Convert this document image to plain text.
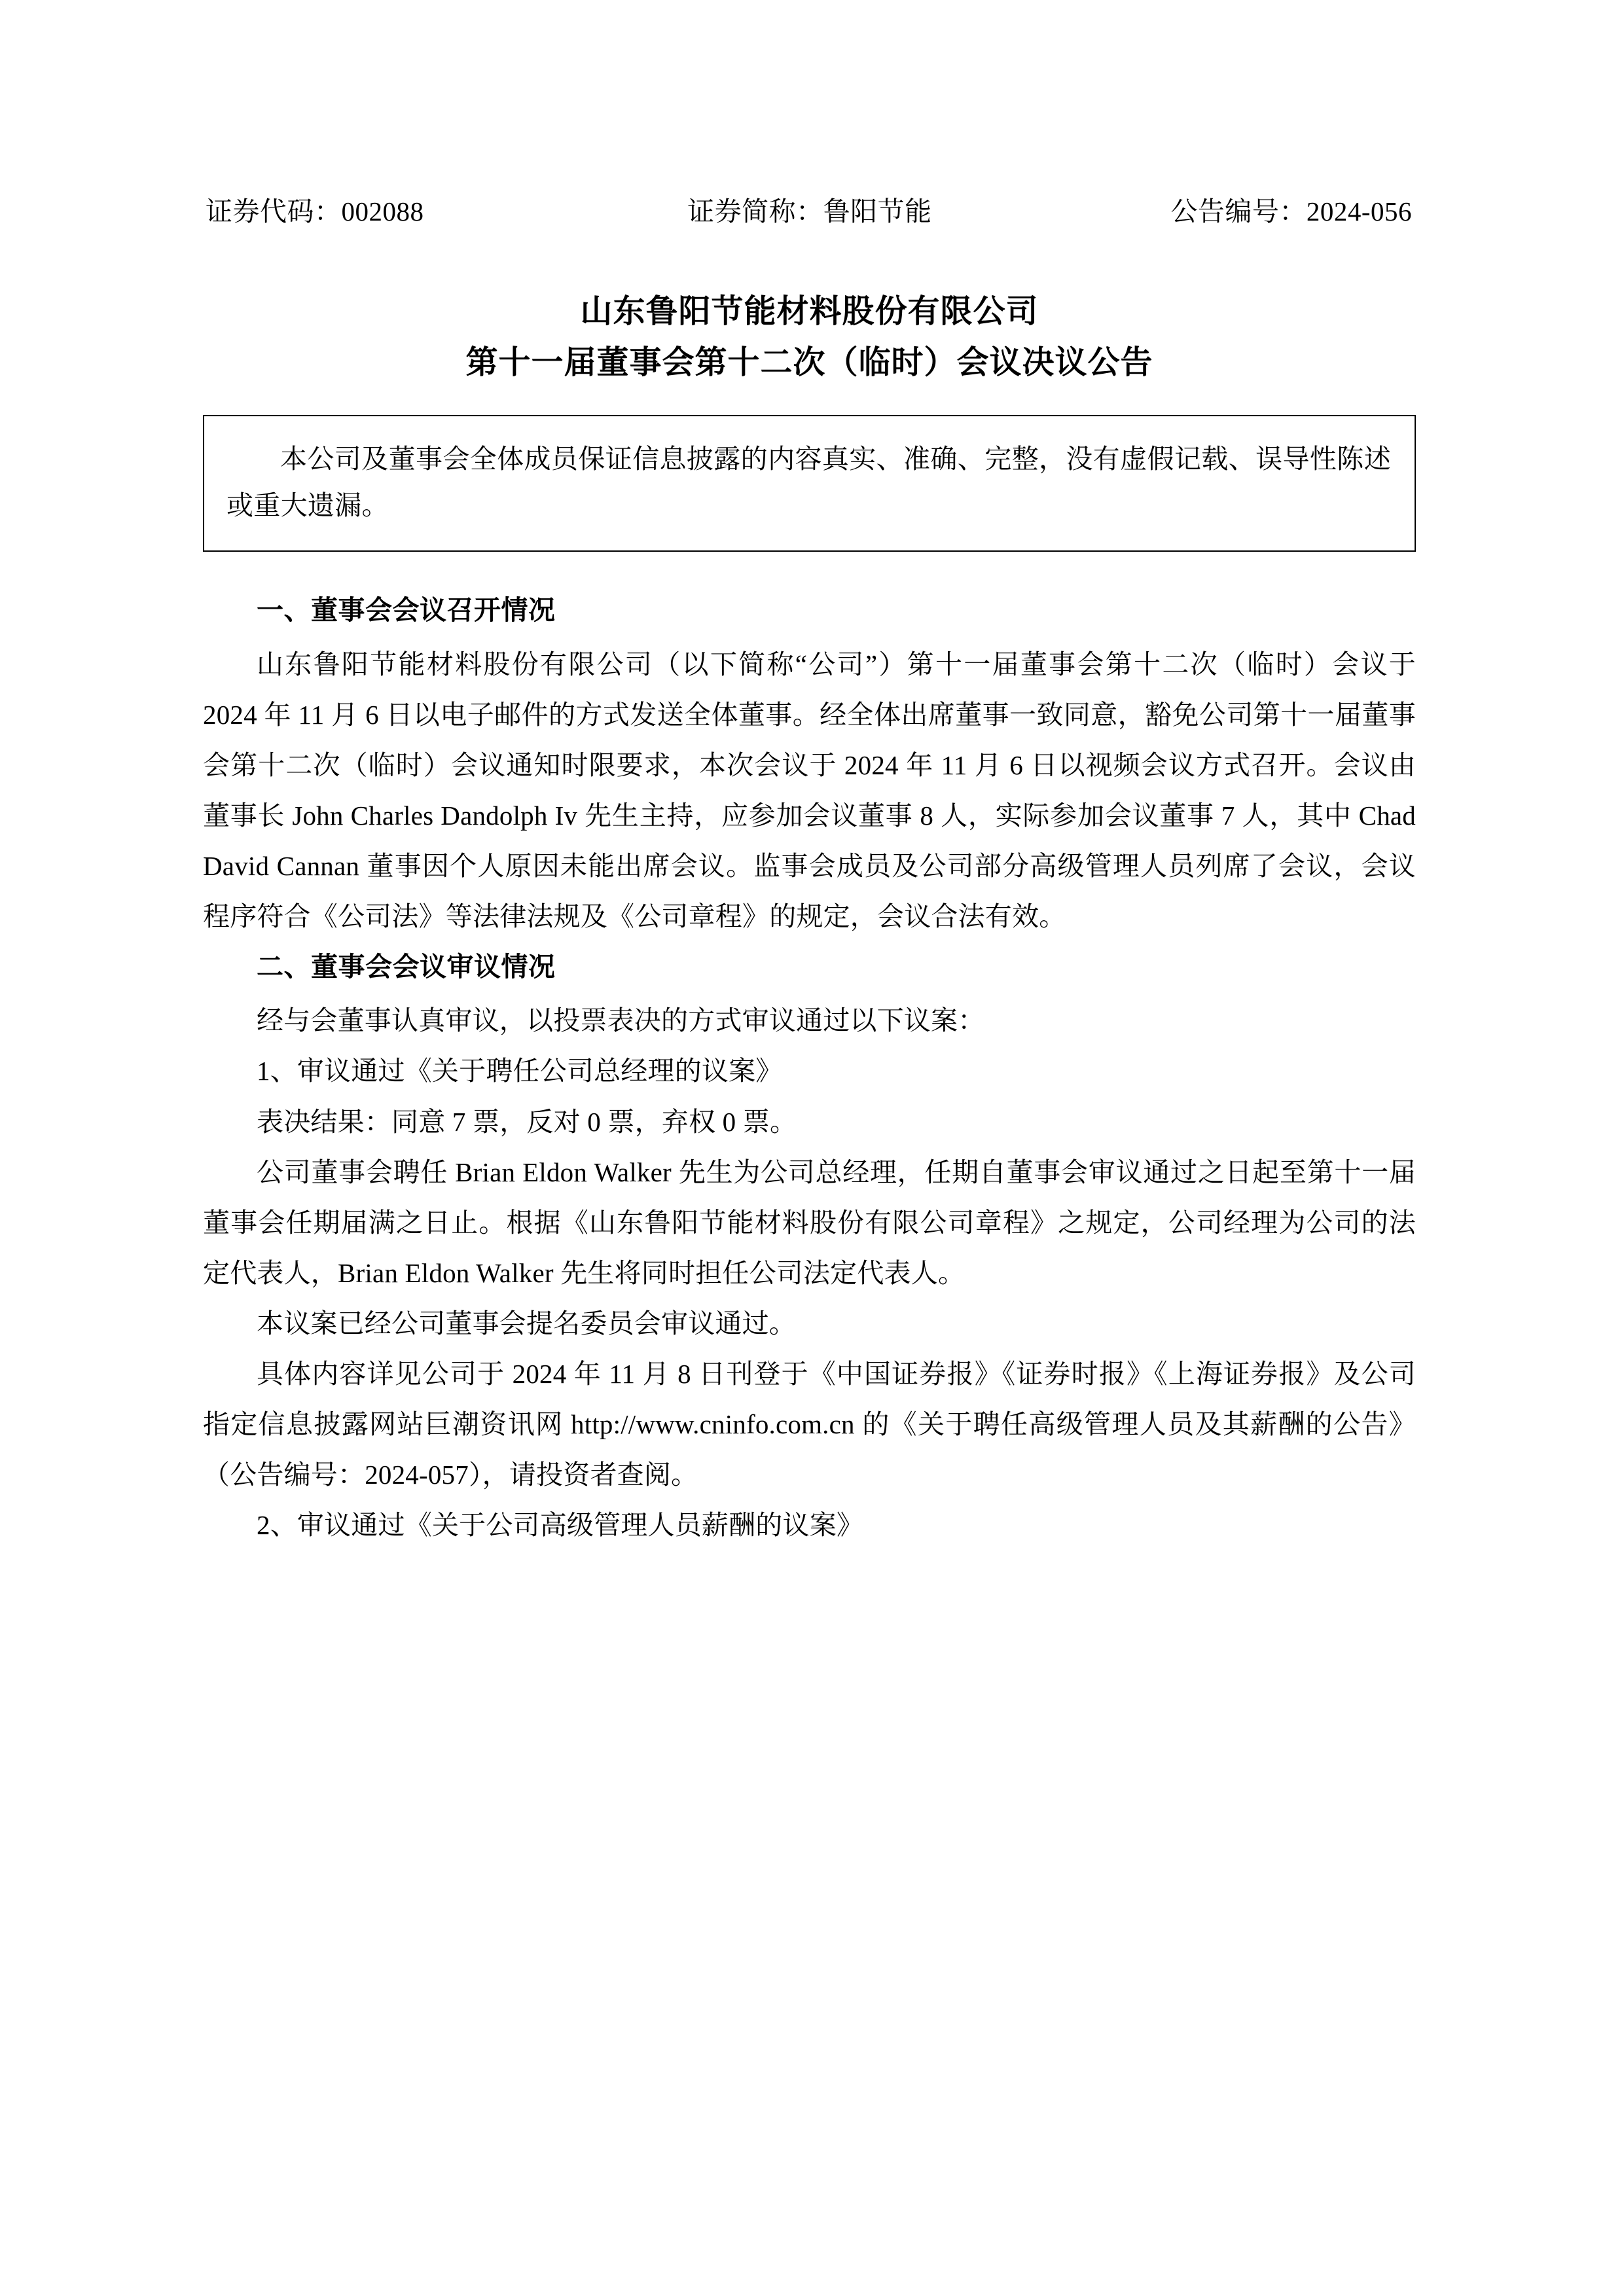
证券代码：002088	证券简称：鲁阳节能	公告编号：2024-056
山东鲁阳节能材料股份有限公司
第十一届董事会第十二次（临时）会议决议公告

本公司及董事会全体成员保证信息披露的内容真实、准确、完整，没有虚假记载、误导性陈述或重大遗漏。

一、董事会会议召开情况

山东鲁阳节能材料股份有限公司（以下简称“公司”）第十一届董事会第十二次（临时）会议于 2024 年 11 月 6 日以电子邮件的方式发送全体董事。经全体出席董事一致同意，豁免公司第十一届董事会第十二次（临时）会议通知时限要求，本次会议于 2024 年 11 月 6 日以视频会议方式召开。会议由董事长 John Charles Dandolph Iv 先生主持，应参加会议董事 8 人，实际参加会议董事 7 人，其中 Chad David Cannan 董事因个人原因未能出席会议。监事会成员及公司部分高级管理人员列席了会议，会议程序符合《公司法》等法律法规及《公司章程》的规定，会议合法有效。

二、董事会会议审议情况

经与会董事认真审议，以投票表决的方式审议通过以下议案：

1、审议通过《关于聘任公司总经理的议案》

表决结果：同意 7 票，反对 0 票，弃权 0 票。

公司董事会聘任 Brian Eldon Walker 先生为公司总经理，任期自董事会审议通过之日起至第十一届董事会任期届满之日止。根据《山东鲁阳节能材料股份有限公司章程》之规定，公司经理为公司的法定代表人，Brian Eldon Walker 先生将同时担任公司法定代表人。

本议案已经公司董事会提名委员会审议通过。

具体内容详见公司于 2024 年 11 月 8 日刊登于《中国证券报》《证券时报》《上海证券报》及公司指定信息披露网站巨潮资讯网 http://www.cninfo.com.cn 的《关于聘任高级管理人员及其薪酬的公告》（公告编号：2024-057），请投资者查阅。

2、审议通过《关于公司高级管理人员薪酬的议案》
